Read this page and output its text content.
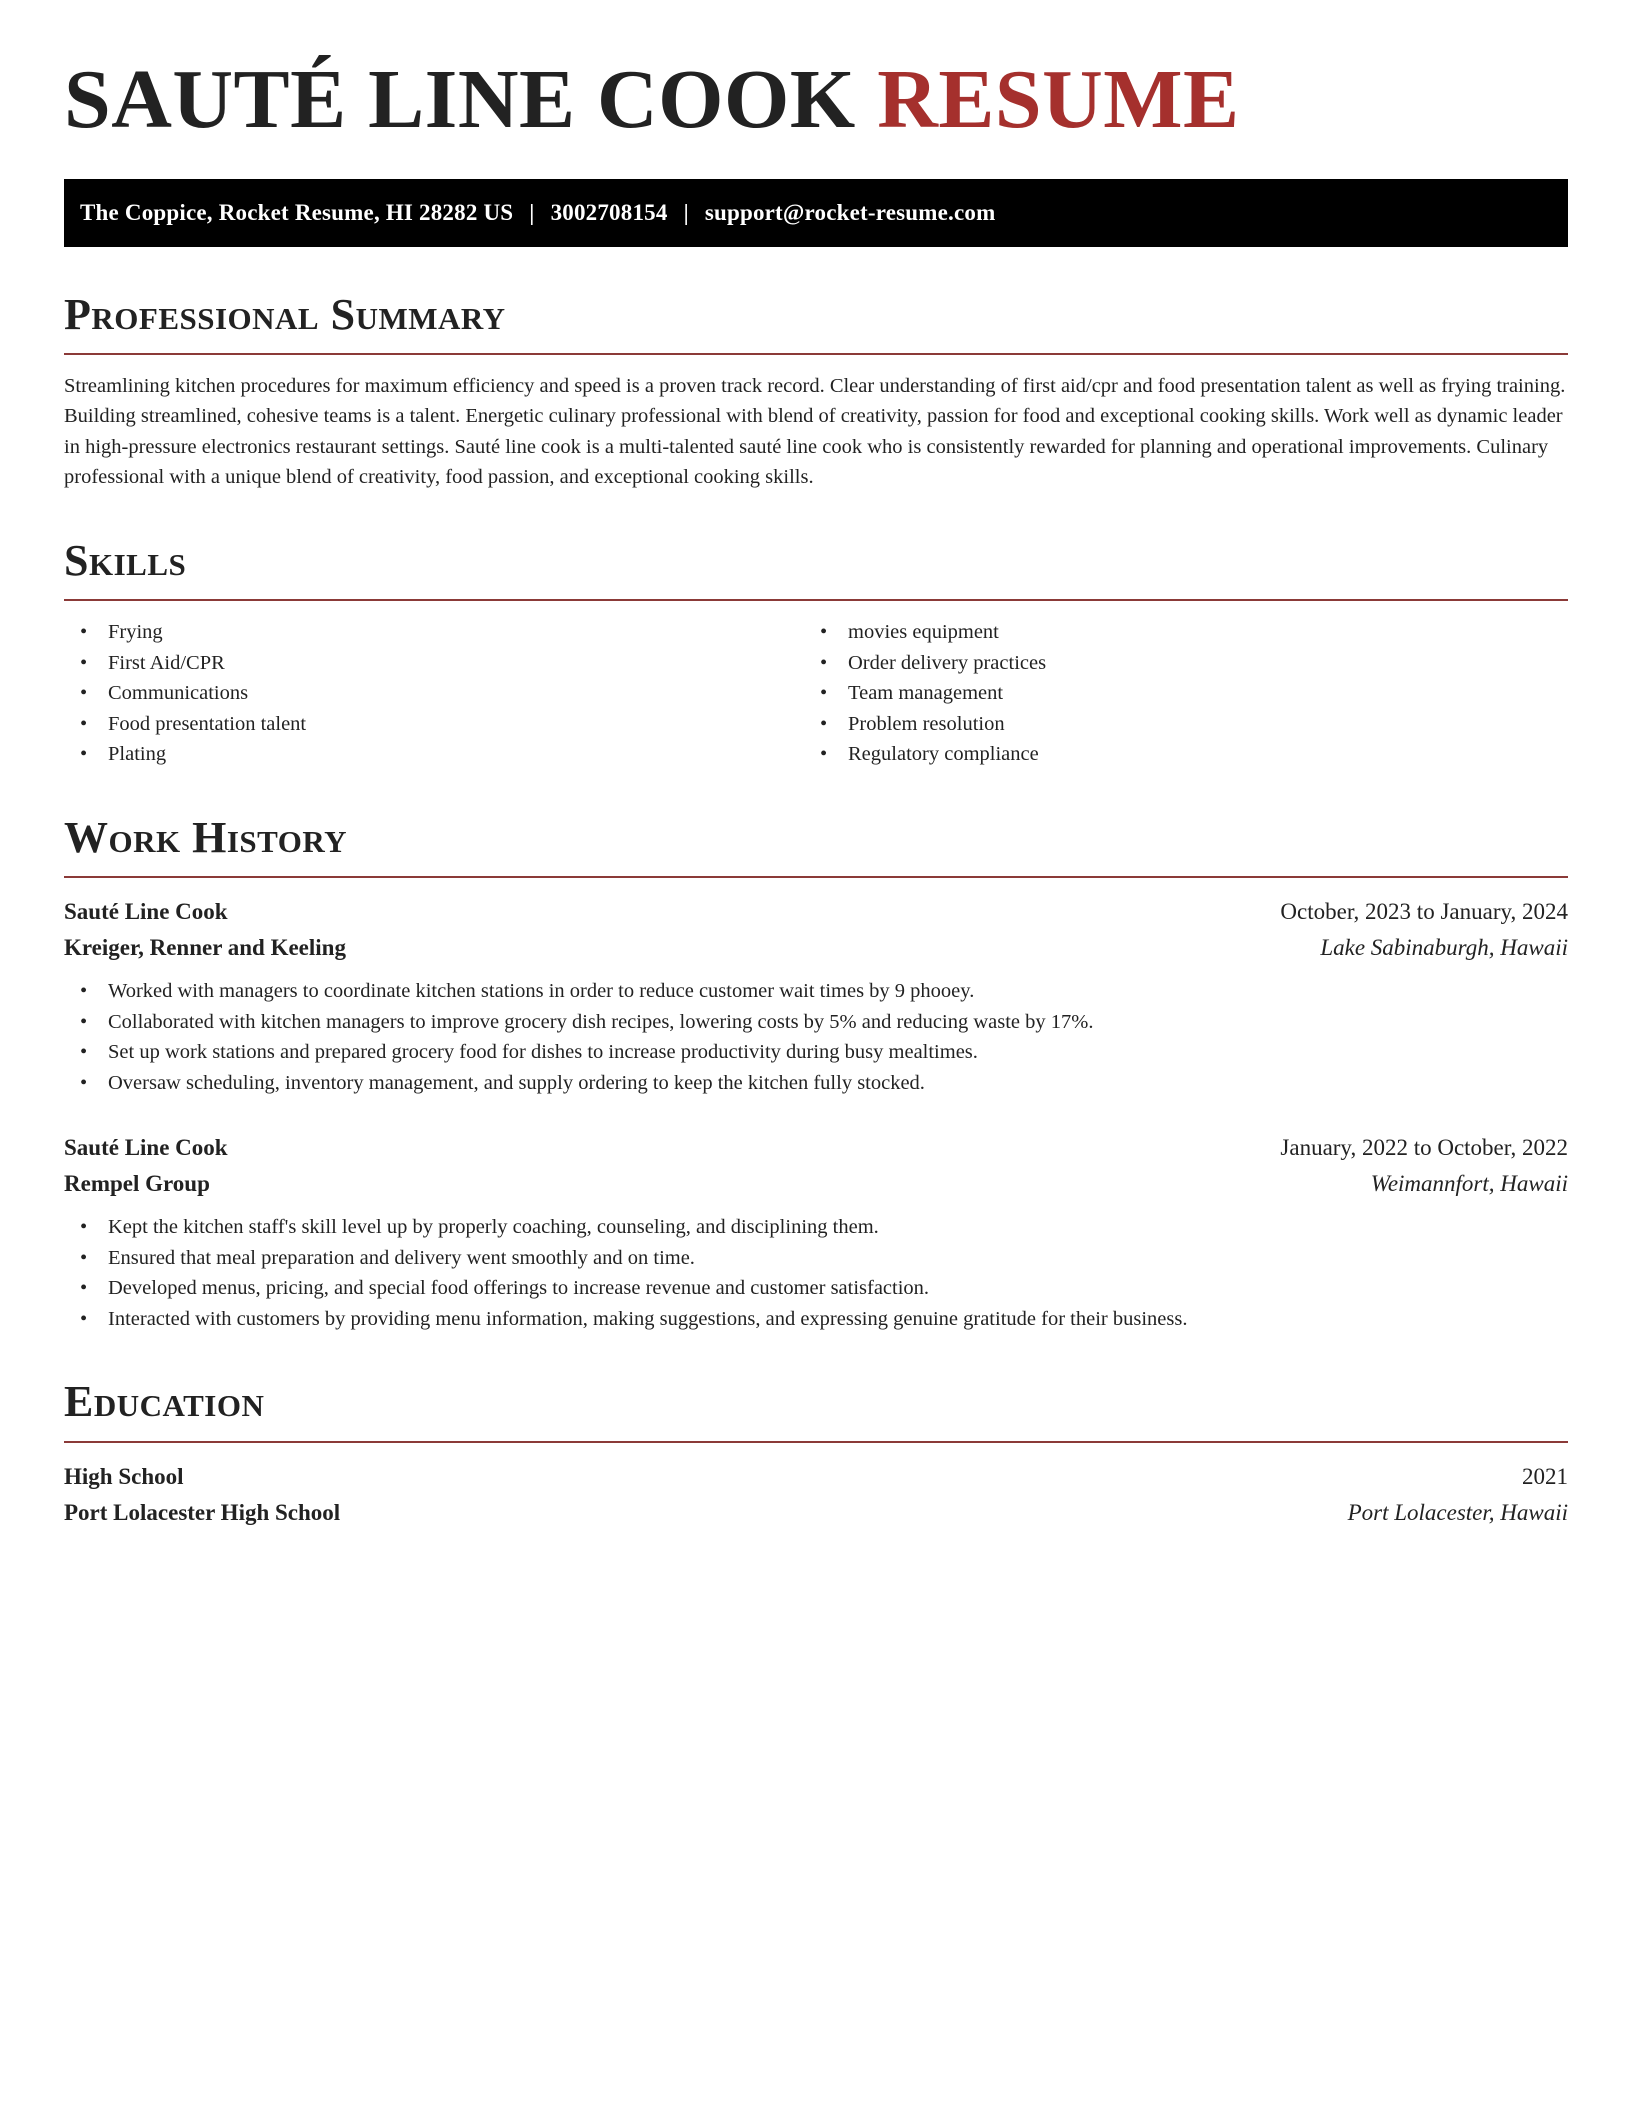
SAUTÉ LINE COOK RESUME
The Coppice, Rocket Resume, HI 28282 US | 3002708154 | support@rocket-resume.com
Professional Summary

Streamlining kitchen procedures for maximum efficiency and speed is a proven track record. Clear understanding of first aid/cpr and food presentation talent as well as frying training. Building streamlined, cohesive teams is a talent. Energetic culinary professional with blend of creativity, passion for food and exceptional cooking skills. Work well as dynamic leader in high-pressure electronics restaurant settings. Sauté line cook is a multi-talented sauté line cook who is consistently rewarded for planning and operational improvements. Culinary professional with a unique blend of creativity, food passion, and exceptional cooking skills.

Skills
• Frying
• First Aid/CPR
• Communications
• Food presentation talent
• Plating
• movies equipment
• Order delivery practices
• Team management
• Problem resolution
• Regulatory compliance
Work History
Sauté Line Cook	October, 2023 to January, 2024
Kreiger, Renner and Keeling	Lake Sabinaburgh, Hawaii
• Worked with managers to coordinate kitchen stations in order to reduce customer wait times by 9 phooey.
• Collaborated with kitchen managers to improve grocery dish recipes, lowering costs by 5% and reducing waste by 17%.
• Set up work stations and prepared grocery food for dishes to increase productivity during busy mealtimes.
• Oversaw scheduling, inventory management, and supply ordering to keep the kitchen fully stocked.
Sauté Line Cook	January, 2022 to October, 2022
Rempel Group	Weimannfort, Hawaii
• Kept the kitchen staff's skill level up by properly coaching, counseling, and disciplining them.
• Ensured that meal preparation and delivery went smoothly and on time.
• Developed menus, pricing, and special food offerings to increase revenue and customer satisfaction.
• Interacted with customers by providing menu information, making suggestions, and expressing genuine gratitude for their business.
Education
High School	2021
Port Lolacester High School	Port Lolacester, Hawaii
